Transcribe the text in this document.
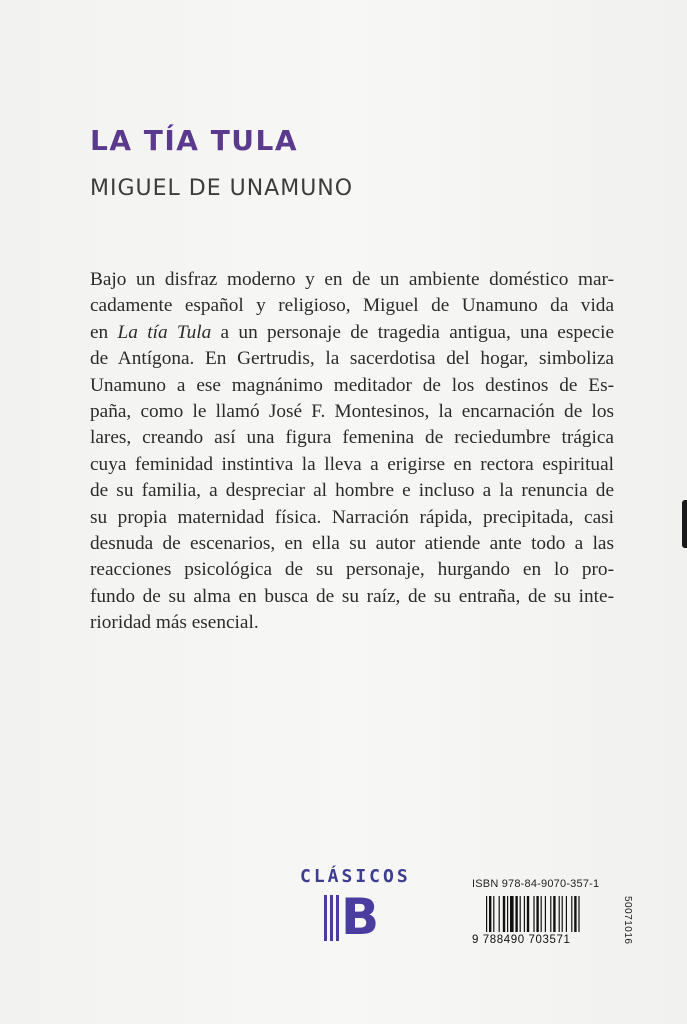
LA TÍA TULA
MIGUEL DE UNAMUNO

Bajo un disfraz moderno y en de un ambiente doméstico mar-
cadamente español y religioso, Miguel de Unamuno da vida
en La tía Tula a un personaje de tragedia antigua, una especie
de Antígona. En Gertrudis, la sacerdotisa del hogar, simboliza
Unamuno a ese magnánimo meditador de los destinos de Es-
paña, como le llamó José F. Montesinos, la encarnación de los
lares, creando así una figura femenina de reciedumbre trágica
cuya feminidad instintiva la lleva a erigirse en rectora espiritual
de su familia, a despreciar al hombre e incluso a la renuncia de
su propia maternidad física. Narración rápida, precipitada, casi
desnuda de escenarios, en ella su autor atiende ante todo a las
reacciones psicológica de su personaje, hurgando en lo pro-
fundo de su alma en busca de su raíz, de su entraña, de su inte-
rioridad más esencial.

CLÁSICOS
B
ISBN 978-84-9070-357-1
9 788490 703571	50071016
